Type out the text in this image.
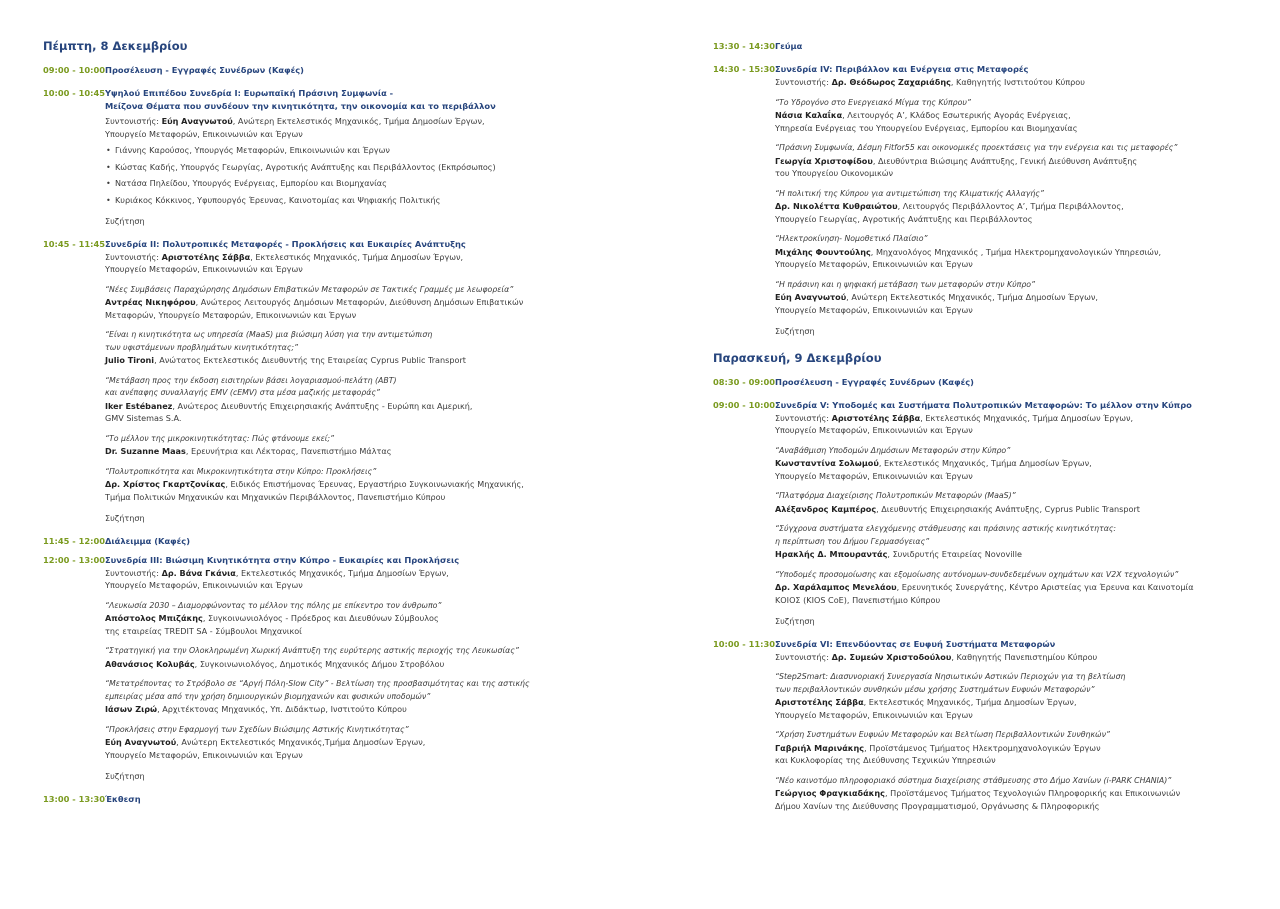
Πέμπτη, 8 Δεκεμβρίου
09:00 - 10:00 Προσέλευση - Εγγραφές Συνέδρων (Καφές)
10:00 - 10:45 Υψηλού Επιπέδου Συνεδρία I: Ευρωπαϊκή Πράσινη Συμφωνία -
Μείζονα Θέματα που συνδέουν την κινητικότητα, την οικονομία και το περιβάλλον
Συντονιστής: Εύη Αναγνωτού, Ανώτερη Εκτελεστικός Μηχανικός, Τμήμα Δημοσίων Έργων,
Υπουργείο Μεταφορών, Επικοινωνιών και Έργων
• Γιάννης Καρούσος, Υπουργός Μεταφορών, Επικοινωνιών και Έργων
• Κώστας Καδής, Υπουργός Γεωργίας, Αγροτικής Ανάπτυξης και Περιβάλλοντος (Εκπρόσωπος)
• Νατάσα Πηλείδου, Υπουργός Ενέργειας, Εμπορίου και Βιομηχανίας
• Κυριάκος Κόκκινος, Υφυπουργός Έρευνας, Καινοτομίας και Ψηφιακής Πολιτικής
Συζήτηση
10:45 - 11:45 Συνεδρία II: Πολυτροπικές Μεταφορές - Προκλήσεις και Ευκαιρίες Ανάπτυξης
Συντονιστής: Αριστοτέλης Σάββα, Εκτελεστικός Μηχανικός, Τμήμα Δημοσίων Έργων,
Υπουργείο Μεταφορών, Επικοινωνιών και Έργων
“Νέες Συμβάσεις Παραχώρησης Δημόσιων Επιβατικών Μεταφορών σε Τακτικές Γραμμές με λεωφορεία”
Αντρέας Νικηφόρου, Ανώτερος Λειτουργός Δημόσιων Μεταφορών, Διεύθυνση Δημόσιων Επιβατικών
Μεταφορών, Υπουργείο Μεταφορών, Επικοινωνιών και Έργων
“Είναι η κινητικότητα ως υπηρεσία (MaaS) μια βιώσιμη λύση για την αντιμετώπιση
των υφιστάμενων προβλημάτων κινητικότητας;”
Julio Tironi, Ανώτατος Εκτελεστικός Διευθυντής της Εταιρείας Cyprus Public Transport
“Μετάβαση προς την έκδοση εισιτηρίων βάσει λογαριασμού-πελάτη (ABT)
και ανέπαφης συναλλαγής EMV (cEMV) στα μέσα μαζικής μεταφοράς”
Iker Estébanez, Ανώτερος Διευθυντής Επιχειρησιακής Ανάπτυξης - Ευρώπη και Αμερική,
GMV Sistemas S.A.
“Το μέλλον της μικροκινητικότητας: Πώς φτάνουμε εκεί;”
Dr. Suzanne Maas, Ερευνήτρια και Λέκτορας, Πανεπιστήμιο Μάλτας
“Πολυτροπικότητα και Μικροκινητικότητα στην Κύπρο: Προκλήσεις”
Δρ. Χρίστος Γκαρτζονίκας, Ειδικός Επιστήμονας Έρευνας, Εργαστήριο Συγκοινωνιακής Μηχανικής,
Τμήμα Πολιτικών Μηχανικών και Μηχανικών Περιβάλλοντος, Πανεπιστήμιο Κύπρου
Συζήτηση
11:45 - 12:00 Διάλειμμα (Καφές)
12:00 - 13:00 Συνεδρία III: Βιώσιμη Κινητικότητα στην Κύπρο - Ευκαιρίες και Προκλήσεις
Συντονιστής: Δρ. Βάνα Γκάνια, Εκτελεστικός Μηχανικός, Τμήμα Δημοσίων Έργων,
Υπουργείο Μεταφορών, Επικοινωνιών και Έργων
“Λευκωσία 2030 – Διαμορφώνοντας το μέλλον της πόλης με επίκεντρο τον άνθρωπο”
Απόστολος Μπιζάκης, Συγκοινωνιολόγος - Πρόεδρος και Διευθύνων Σύμβουλος
της εταιρείας TREDIT SA - Σύμβουλοι Μηχανικοί
“Στρατηγική για την Ολοκληρωμένη Χωρική Ανάπτυξη της ευρύτερης αστικής περιοχής της Λευκωσίας”
Αθανάσιος Κολυβάς, Συγκοινωνιολόγος, Δημοτικός Μηχανικός Δήμου Στροβόλου
“Μετατρέποντας το Στρόβολο σε “Αργή Πόλη-Slow City” - Βελτίωση της προσβασιμότητας και της αστικής
εμπειρίας μέσα από την χρήση δημιουργικών βιομηχανιών και φυσικών υποδομών”
Ιάσων Ζιρώ, Αρχιτέκτονας Μηχανικός, Υπ. Διδάκτωρ, Ινστιτούτο Κύπρου
“Προκλήσεις στην Εφαρμογή των Σχεδίων Βιώσιμης Αστικής Κινητικότητας”
Εύη Αναγνωτού, Ανώτερη Εκτελεστικός Μηχανικός,Τμήμα Δημοσίων Έργων,
Υπουργείο Μεταφορών, Επικοινωνιών και Έργων
Συζήτηση
13:00 - 13:30 Έκθεση
13:30 - 14:30 Γεύμα
14:30 - 15:30 Συνεδρία IV: Περιβάλλον και Ενέργεια στις Μεταφορές
Συντονιστής: Δρ. Θεόδωρος Ζαχαριάδης, Καθηγητής Ινστιτούτου Κύπρου
“Το Υδρογόνο στο Ενεργειακό Μίγμα της Κύπρου”
Νάσια Καλαΐκα, Λειτουργός Α’, Κλάδος Εσωτερικής Αγοράς Ενέργειας,
Υπηρεσία Ενέργειας του Υπουργείου Ενέργειας, Εμπορίου και Βιομηχανίας
“Πράσινη Συμφωνία, Δέσμη Fitfor55 και οικονομικές προεκτάσεις για την ενέργεια και τις μεταφορές”
Γεωργία Χριστοφίδου, Διευθύντρια Βιώσιμης Ανάπτυξης, Γενική Διεύθυνση Ανάπτυξης
του Υπουργείου Οικονομικών
“Η πολιτική της Κύπρου για αντιμετώπιση της Κλιματικής Αλλαγής”
Δρ. Νικολέττα Κυθραιώτου, Λειτουργός Περιβάλλοντος Α’, Τμήμα Περιβάλλοντος,
Υπουργείο Γεωργίας, Αγροτικής Ανάπτυξης και Περιβάλλοντος
“Ηλεκτροκίνηση- Νομοθετικό Πλαίσιο”
Μιχάλης Φουντούλης, Μηχανολόγος Μηχανικός , Τμήμα Ηλεκτρομηχανολογικών Υπηρεσιών,
Υπουργείο Μεταφορών, Επικοινωνιών και Έργων
“Η πράσινη και η ψηφιακή μετάβαση των μεταφορών στην Κύπρο”
Εύη Αναγνωτού, Ανώτερη Εκτελεστικός Μηχανικός, Τμήμα Δημοσίων Έργων,
Υπουργείο Μεταφορών, Επικοινωνιών και Έργων
Συζήτηση
Παρασκευή, 9 Δεκεμβρίου
08:30 - 09:00 Προσέλευση - Εγγραφές Συνέδρων (Καφές)
09:00 - 10:00 Συνεδρία V: Υποδομές και Συστήματα Πολυτροπικών Μεταφορών: Το μέλλον στην Κύπρο
Συντονιστής: Αριστοτέλης Σάββα, Εκτελεστικός Μηχανικός, Τμήμα Δημοσίων Έργων,
Υπουργείο Μεταφορών, Επικοινωνιών και Έργων
“Αναβάθμιση Υποδομών Δημόσιων Μεταφορών στην Κύπρο”
Κωνσταντίνα Σολωμού, Εκτελεστικός Μηχανικός, Τμήμα Δημοσίων Έργων,
Υπουργείο Μεταφορών, Επικοινωνιών και Έργων
“Πλατφόρμα Διαχείρισης Πολυτροπικών Μεταφορών (MaaS)”
Αλέξανδρος Καμπέρος, Διευθυντής Επιχειρησιακής Ανάπτυξης, Cyprus Public Transport
“Σύγχρονα συστήματα ελεγχόμενης στάθμευσης και πράσινης αστικής κινητικότητας:
η περίπτωση του Δήμου Γερμασόγειας”
Ηρακλής Δ. Μπουραντάς, Συνιδρυτής Εταιρείας Novoville
“Υποδομές προσομοίωσης και εξομοίωσης αυτόνομων-συνδεδεμένων οχημάτων και V2X τεχνολογιών”
Δρ. Χαράλαμπος Μενελάου, Ερευνητικός Συνεργάτης, Κέντρο Αριστείας για Έρευνα και Καινοτομία
ΚΟΙΟΣ (KIOS CoE), Πανεπιστήμιο Κύπρου
Συζήτηση
10:00 - 11:30 Συνεδρία VI: Επενδύοντας σε Ευφυή Συστήματα Μεταφορών
Συντονιστής: Δρ. Συμεών Χριστοδούλου, Καθηγητής Πανεπιστημίου Κύπρου
“Step2Smart: Διασυνοριακή Συνεργασία Νησιωτικών Αστικών Περιοχών για τη βελτίωση
των περιβαλλοντικών συνθηκών μέσω χρήσης Συστημάτων Ευφυών Μεταφορών”
Αριστοτέλης Σάββα, Εκτελεστικός Μηχανικός, Τμήμα Δημοσίων Έργων,
Υπουργείο Μεταφορών, Επικοινωνιών και Έργων
“Χρήση Συστημάτων Ευφυών Μεταφορών και Βελτίωση Περιβαλλοντικών Συνθηκών”
Γαβριήλ Μαρινάκης, Προϊστάμενος Τμήματος Ηλεκτρομηχανολογικών Έργων
και Κυκλοφορίας της Διεύθυνσης Τεχνικών Υπηρεσιών
“Νέο καινοτόμο πληροφοριακό σύστημα διαχείρισης στάθμευσης στο Δήμο Χανίων (i-PARK CHANIA)”
Γεώργιος Φραγκιαδάκης, Προϊστάμενος Τμήματος Τεχνολογιών Πληροφορικής και Επικοινωνιών
Δήμου Χανίων της Διεύθυνσης Προγραμματισμού, Οργάνωσης & Πληροφορικής
